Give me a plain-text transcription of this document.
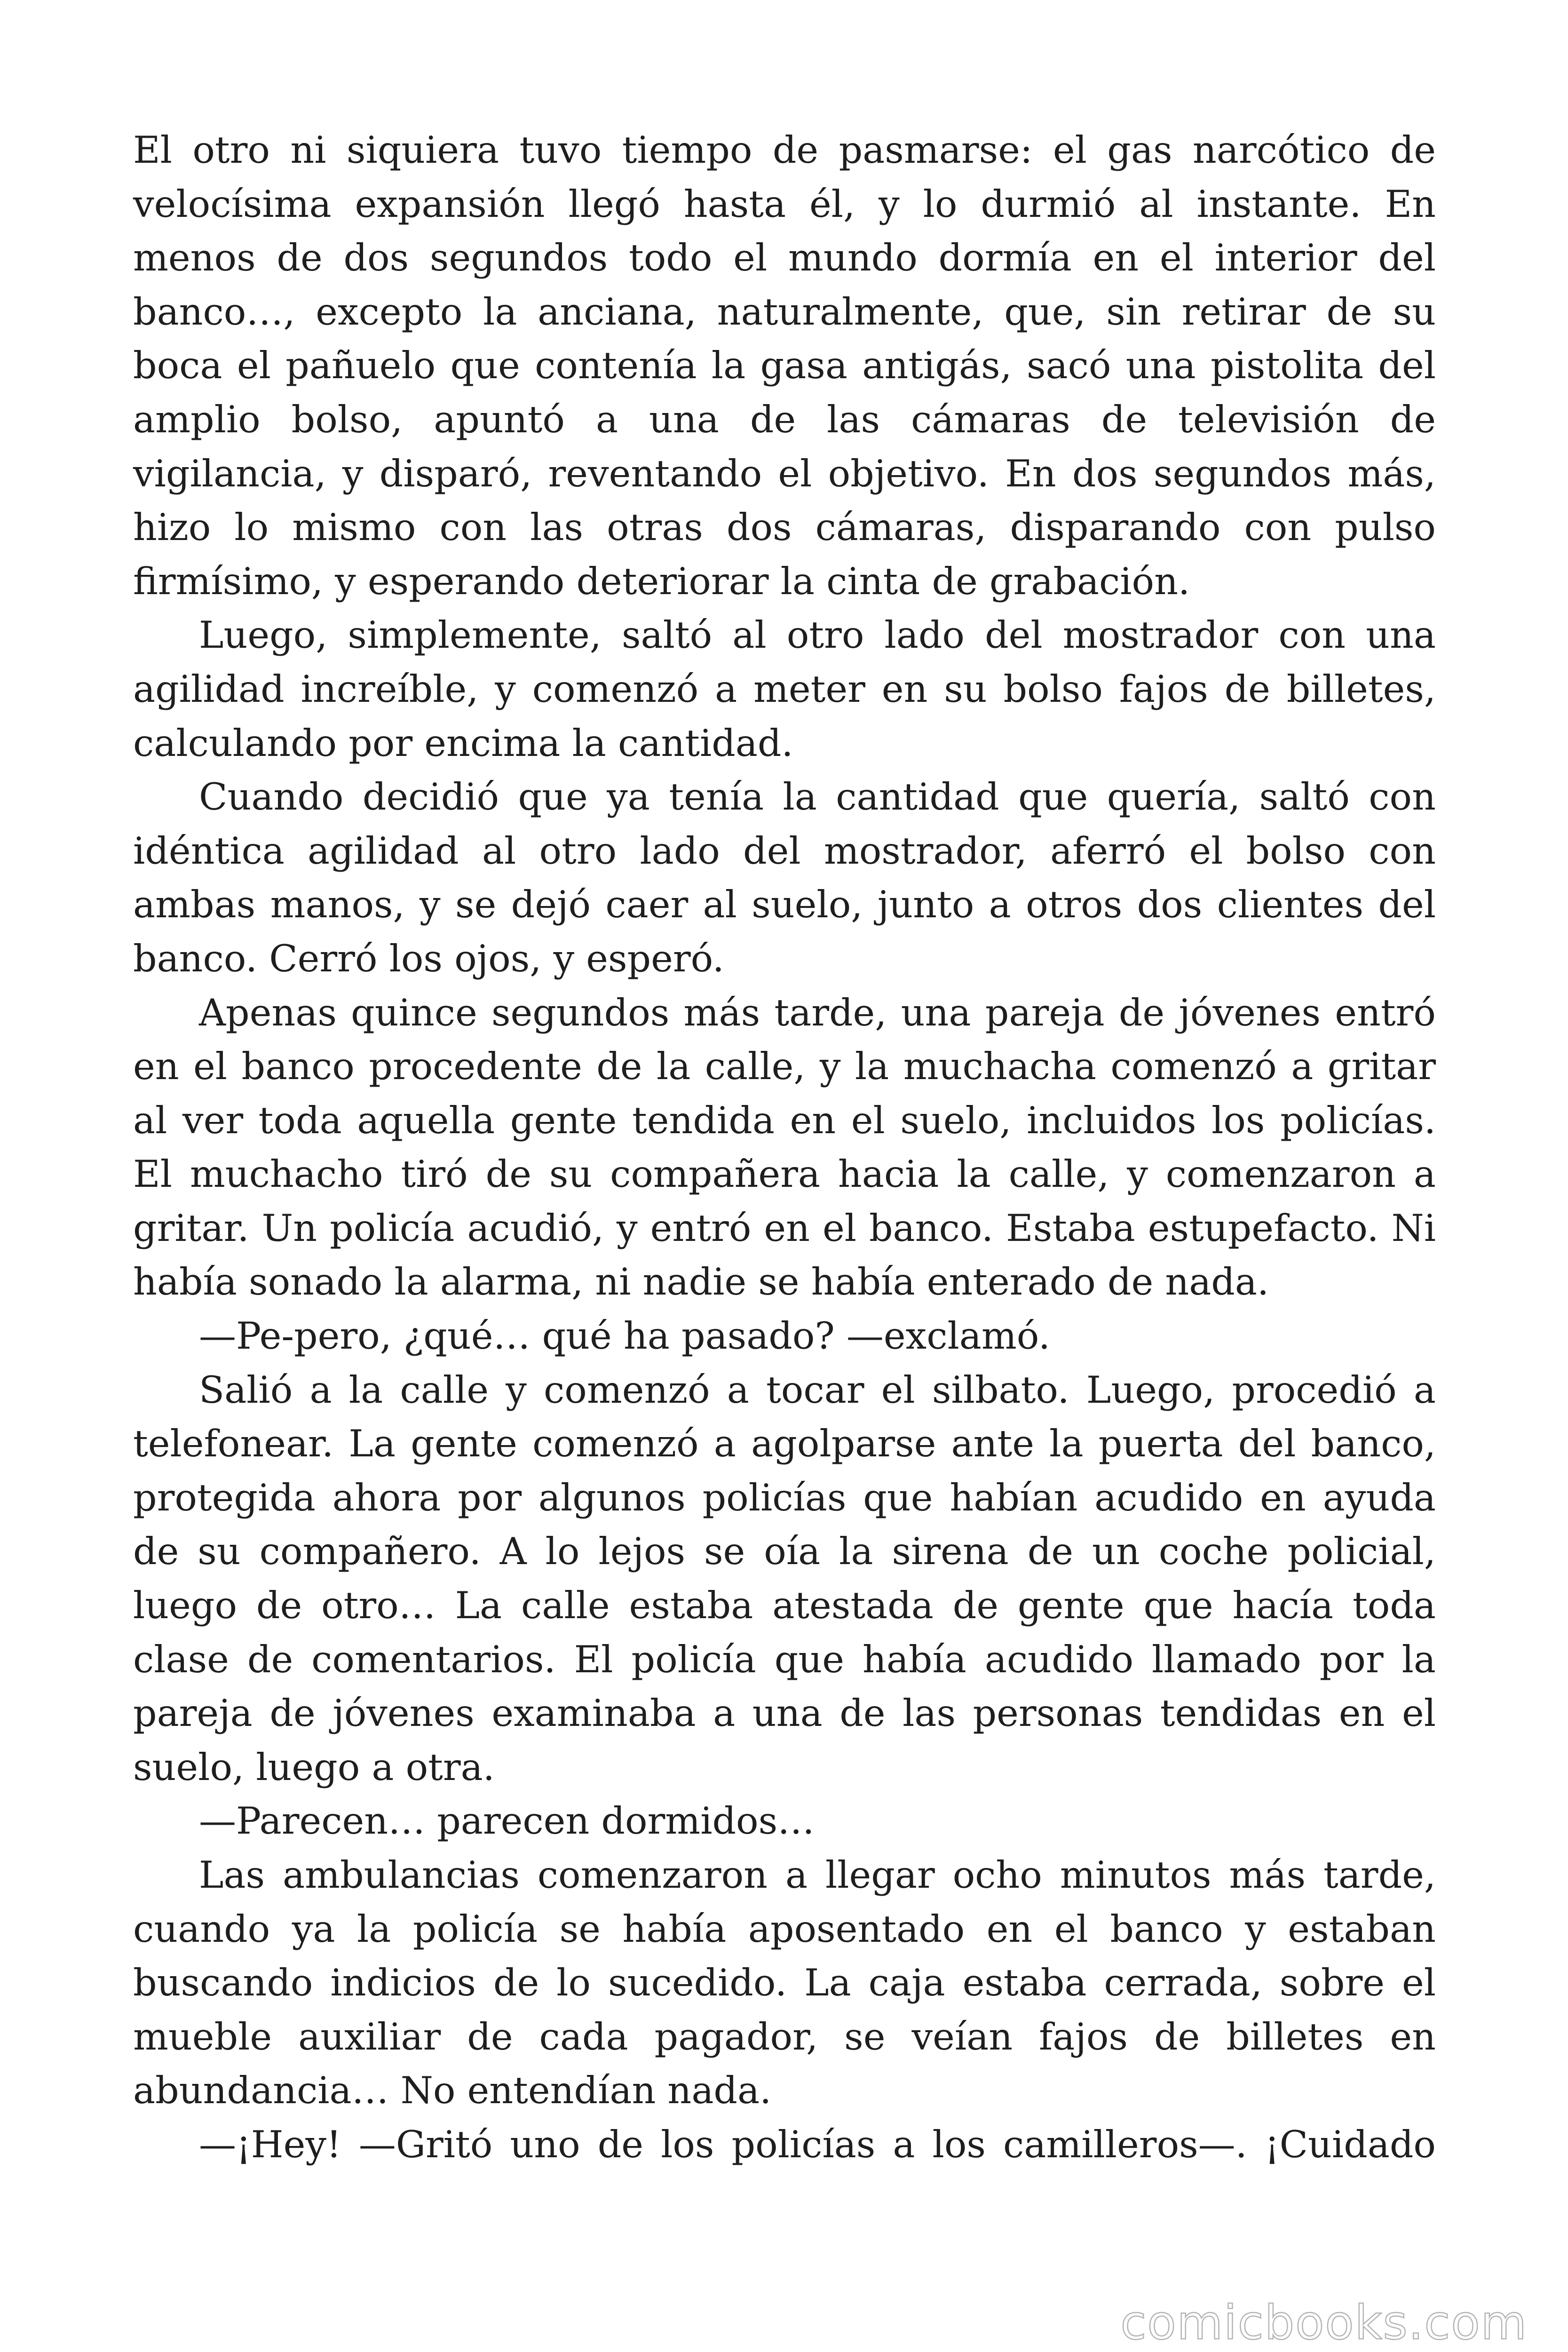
El otro ni siquiera tuvo tiempo de pasmarse: el gas narcótico de velocísima expansión llegó hasta él, y lo durmió al instante. En menos de dos segundos todo el mundo dormía en el interior del banco…, excepto la anciana, naturalmente, que, sin retirar de su boca el pañuelo que contenía la gasa antigás, sacó una pistolita del amplio bolso, apuntó a una de las cámaras de televisión de vigilancia, y disparó, reventando el objetivo. En dos segundos más, hizo lo mismo con las otras dos cámaras, disparando con pulso firmísimo, y esperando deteriorar la cinta de grabación.

Luego, simplemente, saltó al otro lado del mostrador con una agilidad increíble, y comenzó a meter en su bolso fajos de billetes, calculando por encima la cantidad.

Cuando decidió que ya tenía la cantidad que quería, saltó con idéntica agilidad al otro lado del mostrador, aferró el bolso con ambas manos, y se dejó caer al suelo, junto a otros dos clientes del banco. Cerró los ojos, y esperó.

Apenas quince segundos más tarde, una pareja de jóvenes entró en el banco procedente de la calle, y la muchacha comenzó a gritar al ver toda aquella gente tendida en el suelo, incluidos los policías. El muchacho tiró de su compañera hacia la calle, y comenzaron a gritar. Un policía acudió, y entró en el banco. Estaba estupefacto. Ni había sonado la alarma, ni nadie se había enterado de nada.

—Pe-pero, ¿qué… qué ha pasado? —exclamó.

Salió a la calle y comenzó a tocar el silbato. Luego, procedió a telefonear. La gente comenzó a agolparse ante la puerta del banco, protegida ahora por algunos policías que habían acudido en ayuda de su compañero. A lo lejos se oía la sirena de un coche policial, luego de otro… La calle estaba atestada de gente que hacía toda clase de comentarios. El policía que había acudido llamado por la pareja de jóvenes examinaba a una de las personas tendidas en el suelo, luego a otra.

—Parecen… parecen dormidos…

Las ambulancias comenzaron a llegar ocho minutos más tarde, cuando ya la policía se había aposentado en el banco y estaban buscando indicios de lo sucedido. La caja estaba cerrada, sobre el mueble auxiliar de cada pagador, se veían fajos de billetes en abundancia… No entendían nada.

—¡Hey! —Gritó uno de los policías a los camilleros—. ¡Cuidado

comicbooks.com
